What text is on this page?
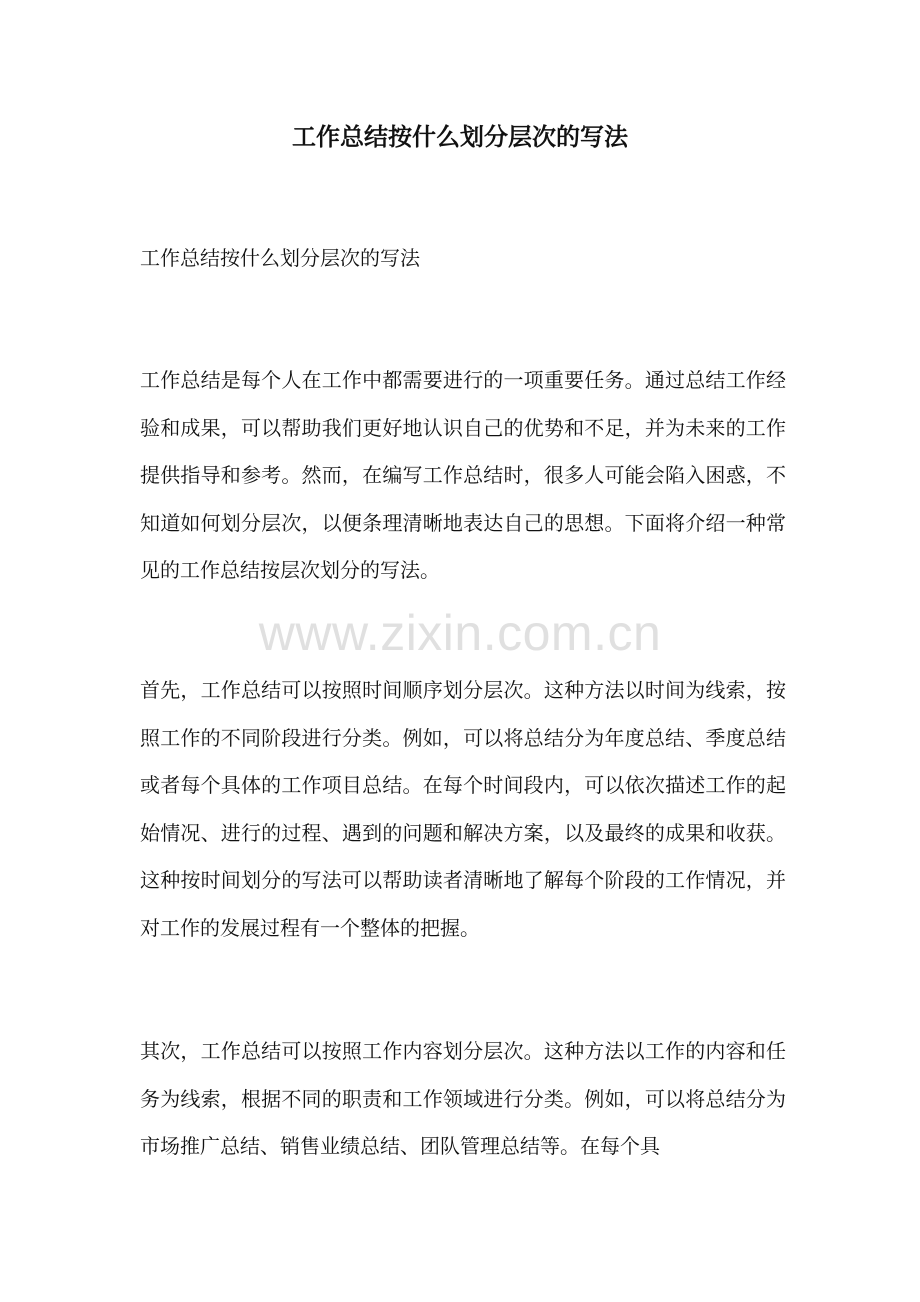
工作总结按什么划分层次的写法

工作总结按什么划分层次的写法

工作总结是每个人在工作中都需要进行的一项重要任务。通过总结工作经验和成果，可以帮助我们更好地认识自己的优势和不足，并为未来的工作提供指导和参考。然而，在编写工作总结时，很多人可能会陷入困惑，不知道如何划分层次，以便条理清晰地表达自己的思想。下面将介绍一种常见的工作总结按层次划分的写法。

www.zixin.com.cn

首先，工作总结可以按照时间顺序划分层次。这种方法以时间为线索，按照工作的不同阶段进行分类。例如，可以将总结分为年度总结、季度总结或者每个具体的工作项目总结。在每个时间段内，可以依次描述工作的起始情况、进行的过程、遇到的问题和解决方案，以及最终的成果和收获。这种按时间划分的写法可以帮助读者清晰地了解每个阶段的工作情况，并对工作的发展过程有一个整体的把握。

其次，工作总结可以按照工作内容划分层次。这种方法以工作的内容和任务为线索，根据不同的职责和工作领域进行分类。例如，可以将总结分为市场推广总结、销售业绩总结、团队管理总结等。在每个具
